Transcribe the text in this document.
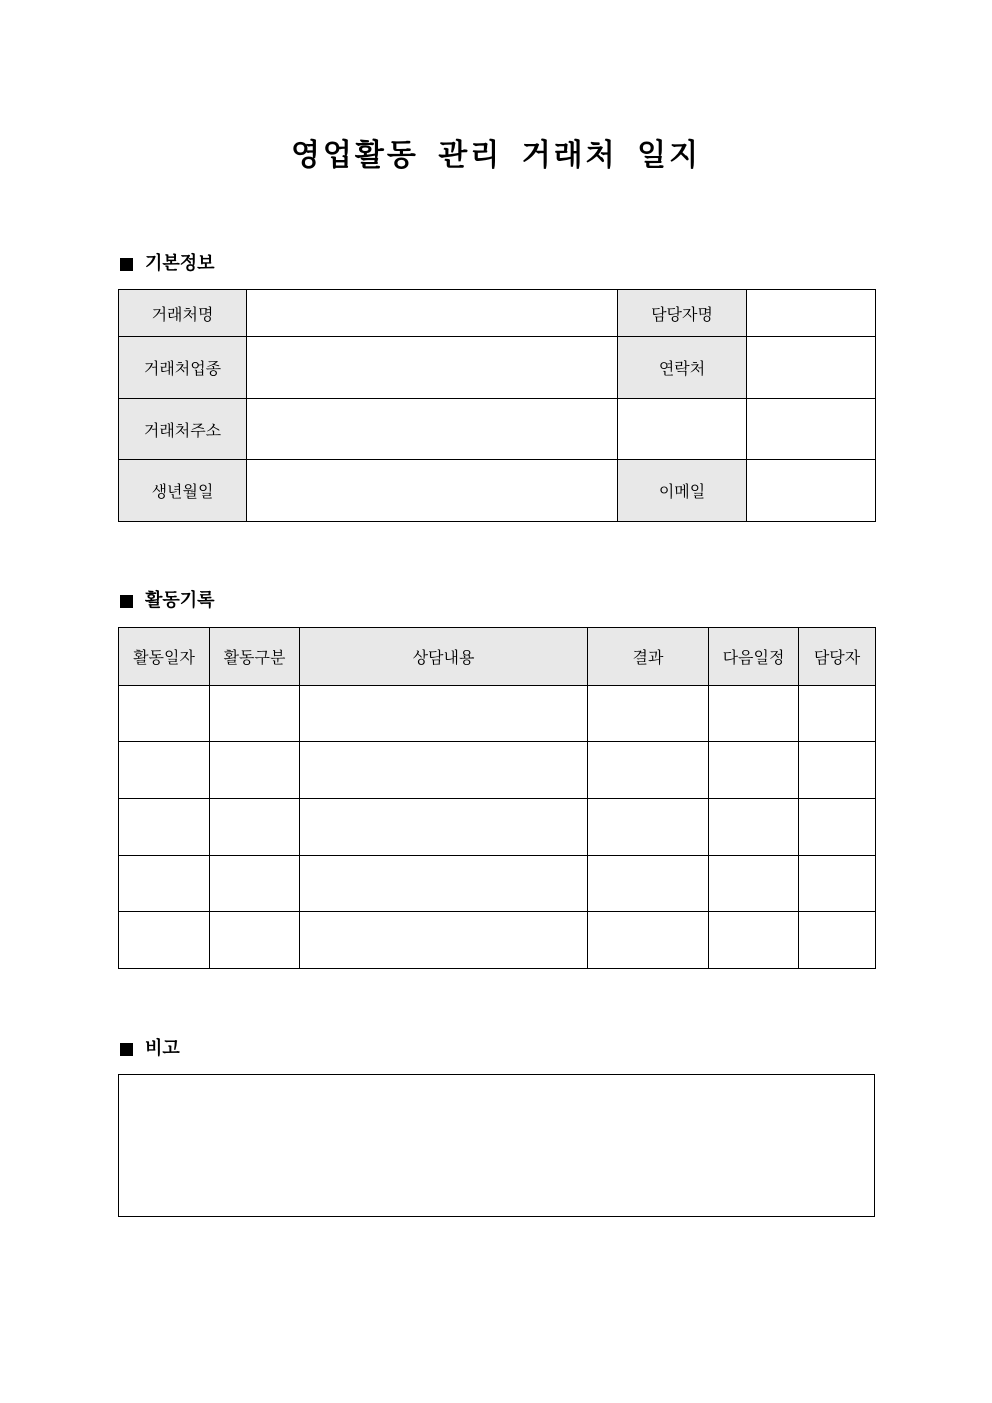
영업활동 관리 거래처 일지
기본정보
거래처명		담당자명	
거래처업종		연락처	
거래처주소			
생년월일		이메일	
활동기록
활동일자	활동구분	상담내용	결과	다음일정	담당자

비고
